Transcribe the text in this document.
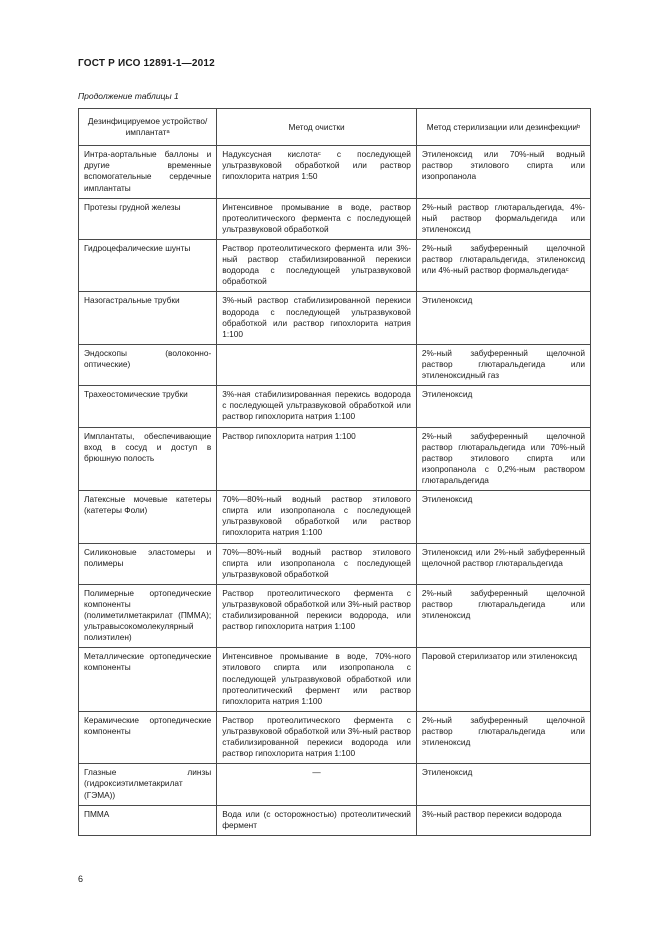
ГОСТ Р ИСО 12891-1—2012
Продолжение таблицы 1
Дезинфицируемое устройство/имплантатᵃ	Метод очистки	Метод стерилизации или дезинфекцииᵇ
Интра-аортальные баллоны и другие временные вспомогательные сердечные имплантаты	Надуксусная кислотаᶜ с последующей ультразвуковой обработкой или раствор гипохлорита натрия 1:50	Этиленоксид или 70%-ный водный раствор этилового спирта или изопропанола
Протезы грудной железы	Интенсивное промывание в воде, раствор протеолитического фермента с последующей ультразвуковой обработкой	2%-ный раствор глютаральдегида, 4%-ный раствор формальдегида или этиленоксид
Гидроцефалические шунты	Раствор протеолитического фермента или 3%-ный раствор стабилизированной перекиси водорода с последующей ультразвуковой обработкой	2%-ный забуференный щелочной раствор глютаральдегида, этиленоксид или 4%-ный раствор формальдегидаᶜ
Назогастральные трубки	3%-ный раствор стабилизированной перекиси водорода с последующей ультразвуковой обработкой или раствор гипохлорита натрия 1:100	Этиленоксид
Эндоскопы (волоконно-оптические)		2%-ный забуференный щелочной раствор глютаральдегида или этиленоксидный газ
Трахеостомические трубки	3%-ная стабилизированная перекись водорода с последующей ультразвуковой обработкой или раствор гипохлорита натрия 1:100	Этиленоксид
Имплантаты, обеспечивающие вход в сосуд и доступ в брюшную полость	Раствор гипохлорита натрия 1:100	2%-ный забуференный щелочной раствор глютаральдегида или 70%-ный раствор этилового спирта или изопропанола с 0,2%-ным раствором глютаральдегида
Латексные мочевые катетеры (катетеры Фоли)	70%—80%-ный водный раствор этилового спирта или изопропанола с последующей ультразвуковой обработкой или раствор гипохлорита натрия 1:100	Этиленоксид
Силиконовые эластомеры и полимеры	70%—80%-ный водный раствор этилового спирта или изопропанола с последующей ультразвуковой обработкой	Этиленоксид или 2%-ный забуференный щелочной раствор глютаральдегида
Полимерные ортопедические компоненты (полиметилметакрилат (ПММА); ультравысокомолекулярный полиэтилен)	Раствор протеолитического фермента с ультразвуковой обработкой или 3%-ный раствор стабилизированной перекиси водорода, или раствор гипохлорита натрия 1:100	2%-ный забуференный щелочной раствор глютаральдегида или этиленоксид
Металлические ортопедические компоненты	Интенсивное промывание в воде, 70%-ного этилового спирта или изопропанола с последующей ультразвуковой обработкой или протеолитический фермент или раствор гипохлорита натрия 1:100	Паровой стерилизатор или этиленоксид
Керамические ортопедические компоненты	Раствор протеолитического фермента с ультразвуковой обработкой или 3%-ный раствор стабилизированной перекиси водорода или раствор гипохлорита натрия 1:100	2%-ный забуференный щелочной раствор глютаральдегида или этиленоксид
Глазные линзы (гидроксиэтилметакрилат (ГЭМА))	—	Этиленоксид
ПММА	Вода или (с осторожностью) протеолитический фермент	3%-ный раствор перекиси водорода
6
